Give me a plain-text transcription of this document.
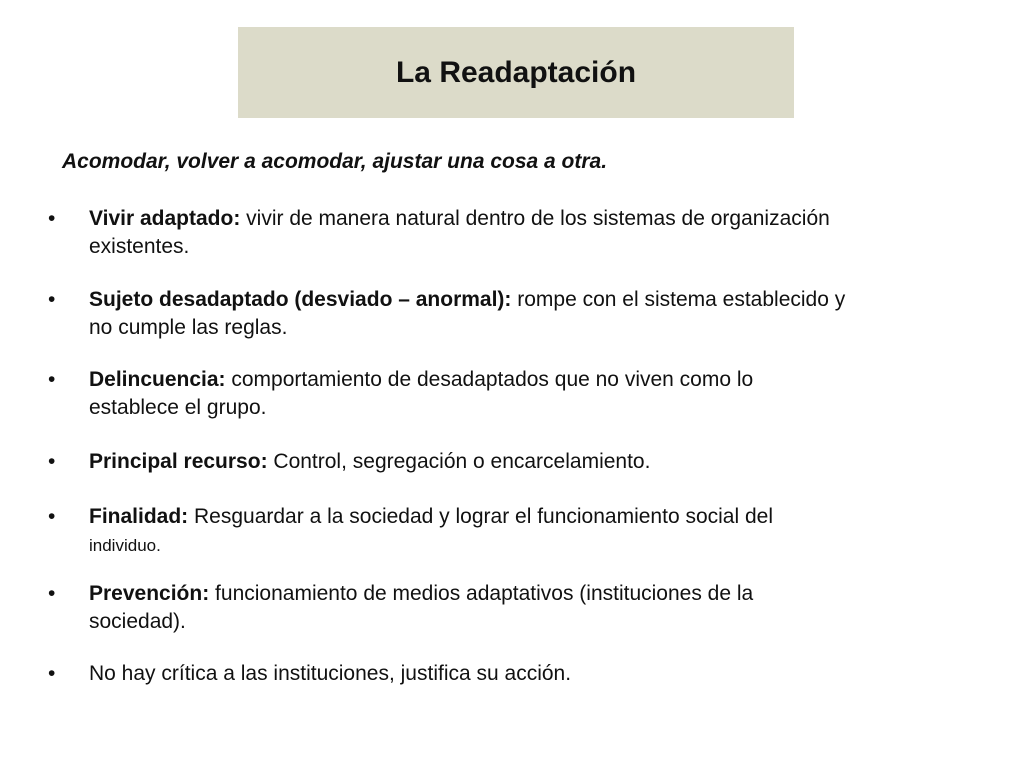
La Readaptación
Acomodar, volver a acomodar, ajustar una cosa a otra.
•	Vivir adaptado: vivir de manera natural dentro de los sistemas de organización
existentes.
•	Sujeto desadaptado (desviado – anormal): rompe con el sistema establecido y
no cumple las reglas.
•	Delincuencia: comportamiento de desadaptados que no viven como lo
establece el grupo.
•	Principal recurso: Control, segregación o encarcelamiento.
•	Finalidad: Resguardar a la sociedad y lograr el funcionamiento social del
individuo.
•	Prevención: funcionamiento de medios adaptativos (instituciones de la
sociedad).
•	No hay crítica a las instituciones, justifica su acción.
